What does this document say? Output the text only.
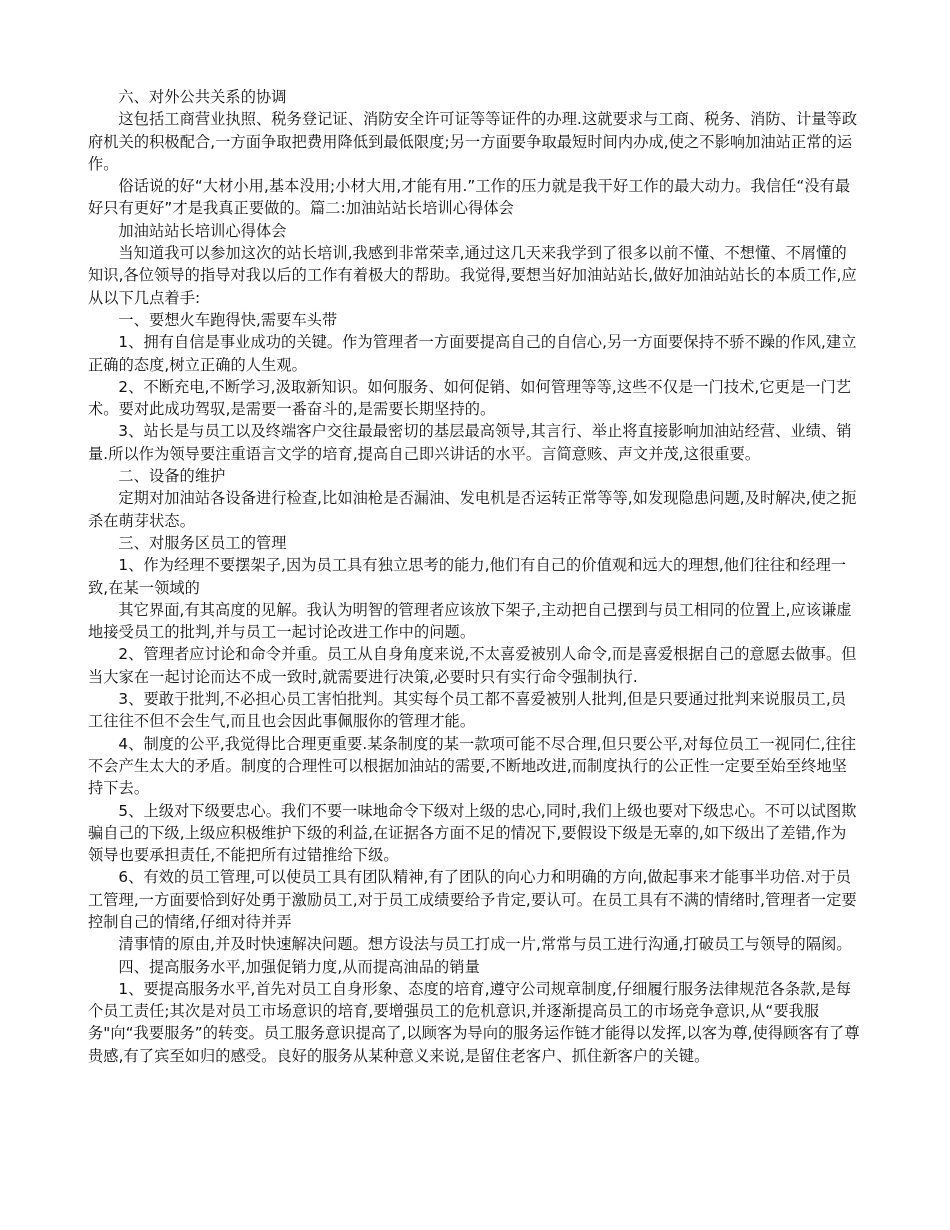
六、对外公共关系的协调

这包括工商营业执照、税务登记证、消防安全许可证等等证件的办理.这就要求与工商、税务、消防、计量等政府机关的积极配合,一方面争取把费用降低到最低限度;另一方面要争取最短时间内办成,使之不影响加油站正常的运作。

俗话说的好“大材小用,基本没用;小材大用,才能有用.”工作的压力就是我干好工作的最大动力。我信任“没有最好只有更好”才是我真正要做的。篇二:加油站站长培训心得体会

加油站站长培训心得体会

当知道我可以参加这次的站长培训,我感到非常荣幸,通过这几天来我学到了很多以前不懂、不想懂、不屑懂的知识,各位领导的指导对我以后的工作有着极大的帮助。我觉得,要想当好加油站站长,做好加油站站长的本质工作,应从以下几点着手:

一、要想火车跑得快,需要车头带

1、拥有自信是事业成功的关键。作为管理者一方面要提高自己的自信心,另一方面要保持不骄不躁的作风,建立正确的态度,树立正确的人生观。

2、不断充电,不断学习,汲取新知识。如何服务、如何促销、如何管理等等,这些不仅是一门技术,它更是一门艺术。要对此成功驾驭,是需要一番奋斗的,是需要长期坚持的。

3、站长是与员工以及终端客户交往最最密切的基层最高领导,其言行、举止将直接影响加油站经营、业绩、销量.所以作为领导要注重语言文学的培育,提高自己即兴讲话的水平。言简意赅、声文并茂,这很重要。

二、设备的维护

定期对加油站各设备进行检查,比如油枪是否漏油、发电机是否运转正常等等,如发现隐患问题,及时解决,使之扼杀在萌芽状态。

三、对服务区员工的管理

1、作为经理不要摆架子,因为员工具有独立思考的能力,他们有自己的价值观和远大的理想,他们往往和经理一致,在某一领域的

其它界面,有其高度的见解。我认为明智的管理者应该放下架子,主动把自己摆到与员工相同的位置上,应该谦虚地接受员工的批判,并与员工一起讨论改进工作中的问题。

2、管理者应讨论和命令并重。员工从自身角度来说,不太喜爱被别人命令,而是喜爱根据自己的意愿去做事。但当大家在一起讨论而达不成一致时,就需要进行决策,必要时只有实行命令强制执行.

3、要敢于批判,不必担心员工害怕批判。其实每个员工都不喜爱被别人批判,但是只要通过批判来说服员工,员工往往不但不会生气,而且也会因此事佩服你的管理才能。

4、制度的公平,我觉得比合理更重要.某条制度的某一款项可能不尽合理,但只要公平,对每位员工一视同仁,往往不会产生太大的矛盾。制度的合理性可以根据加油站的需要,不断地改进,而制度执行的公正性一定要至始至终地坚持下去。

5、上级对下级要忠心。我们不要一味地命令下级对上级的忠心,同时,我们上级也要对下级忠心。不可以试图欺骗自己的下级,上级应积极维护下级的利益,在证据各方面不足的情况下,要假设下级是无辜的,如下级出了差错,作为领导也要承担责任,不能把所有过错推给下级。

6、有效的员工管理,可以使员工具有团队精神,有了团队的向心力和明确的方向,做起事来才能事半功倍.对于员工管理,一方面要恰到好处勇于激励员工,对于员工成绩要给予肯定,要认可。在员工具有不满的情绪时,管理者一定要控制自己的情绪,仔细对待并弄

清事情的原由,并及时快速解决问题。想方设法与员工打成一片,常常与员工进行沟通,打破员工与领导的隔阂。

四、提高服务水平,加强促销力度,从而提高油品的销量

1、要提高服务水平,首先对员工自身形象、态度的培育,遵守公司规章制度,仔细履行服务法律规范各条款,是每个员工责任;其次是对员工市场意识的培育,要增强员工的危机意识,并逐渐提高员工的市场竞争意识,从“要我服务"向“我要服务”的转变。员工服务意识提高了,以顾客为导向的服务运作链才能得以发挥,以客为尊,使得顾客有了尊贵感,有了宾至如归的感受。良好的服务从某种意义来说,是留住老客户、抓住新客户的关键。
